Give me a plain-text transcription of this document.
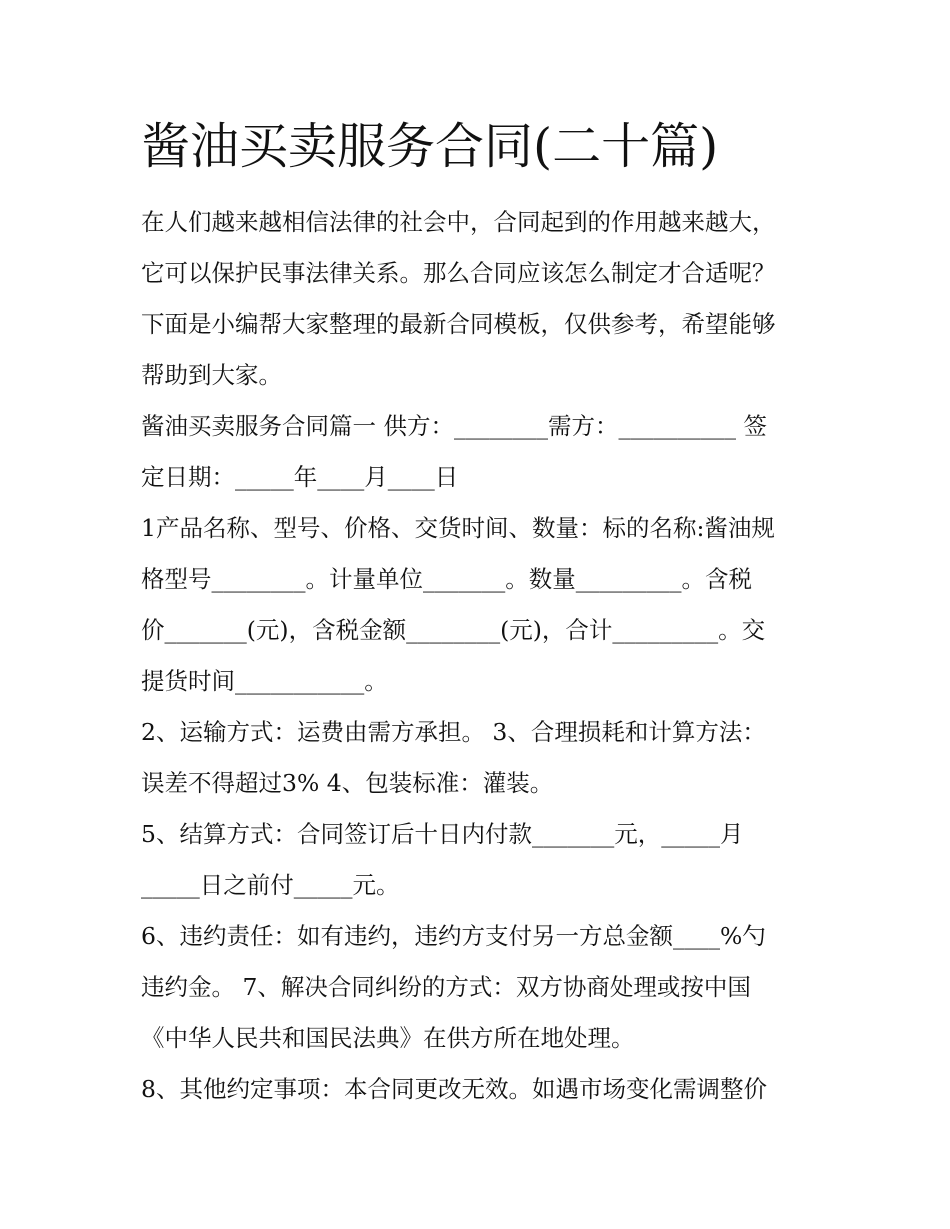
酱油买卖服务合同(二十篇)

在人们越来越相信法律的社会中，合同起到的作用越来越大，

它可以保护民事法律关系。那么合同应该怎么制定才合适呢？

下面是小编帮大家整理的最新合同模板，仅供参考，希望能够

帮助到大家。

酱油买卖服务合同篇一 供方：________需方：__________ 签

定日期：_____年____月____日

1产品名称、型号、价格、交货时间、数量：标的名称:酱油规

格型号________。计量单位_______。数量_________。含税

价_______(元)，含税金额________(元)，合计_________。交

提货时间___________。

2、运输方式：运费由需方承担。 3、合理损耗和计算方法：

误差不得超过3% 4、包装标准：灌装。

5、结算方式：合同签订后十日内付款_______元，_____月

_____日之前付_____元。

6、违约责任：如有违约，违约方支付另一方总金额____%勺

违约金。 7、解决合同纠纷的方式：双方协商处理或按中国

《中华人民共和国民法典》在供方所在地处理。

8、其他约定事项：本合同更改无效。如遇市场变化需调整价
